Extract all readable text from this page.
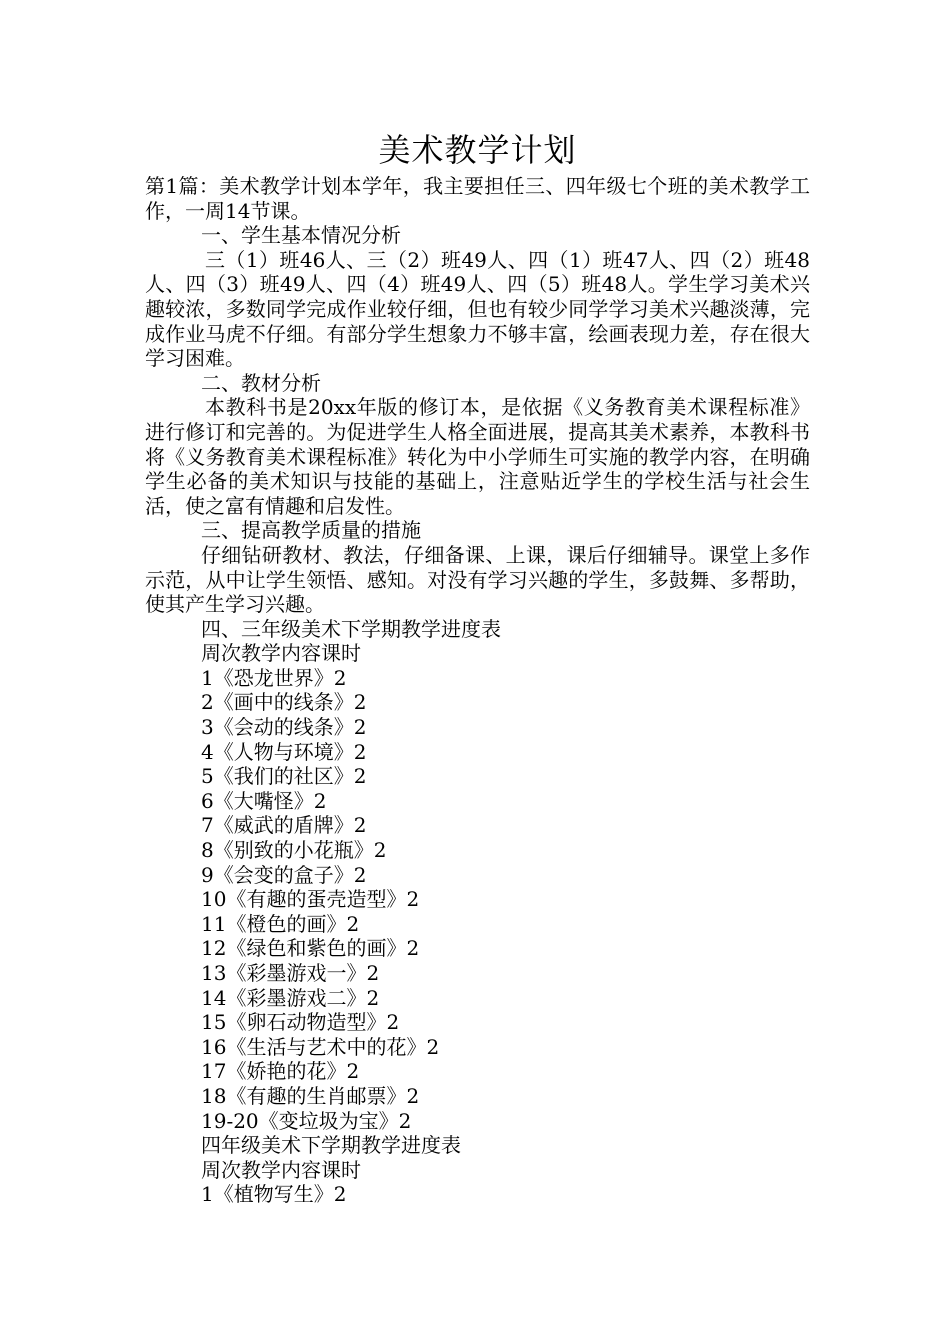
美术教学计划

第1篇：美术教学计划本学年，我主要担任三、四年级七个班的美术教学工作，一周14节课。

一、学生基本情况分析

三（1）班46人、三（2）班49人、四（1）班47人、四（2）班48人、四（3）班49人、四（4）班49人、四（5）班48人。学生学习美术兴趣较浓，多数同学完成作业较仔细，但也有较少同学学习美术兴趣淡薄，完成作业马虎不仔细。有部分学生想象力不够丰富，绘画表现力差，存在很大学习困难。

二、教材分析

本教科书是20xx年版的修订本，是依据《义务教育美术课程标准》进行修订和完善的。为促进学生人格全面进展，提高其美术素养，本教科书将《义务教育美术课程标准》转化为中小学师生可实施的教学内容，在明确学生必备的美术知识与技能的基础上，注意贴近学生的学校生活与社会生活，使之富有情趣和启发性。

三、提高教学质量的措施

仔细钻研教材、教法，仔细备课、上课，课后仔细辅导。课堂上多作示范，从中让学生领悟、感知。对没有学习兴趣的学生，多鼓舞、多帮助，使其产生学习兴趣。

四、三年级美术下学期教学进度表

周次教学内容课时

1《恐龙世界》2

2《画中的线条》2

3《会动的线条》2

4《人物与环境》2

5《我们的社区》2

6《大嘴怪》2

7《威武的盾牌》2

8《别致的小花瓶》2

9《会变的盒子》2

10《有趣的蛋壳造型》2

11《橙色的画》2

12《绿色和紫色的画》2

13《彩墨游戏一》2

14《彩墨游戏二》2

15《卵石动物造型》2

16《生活与艺术中的花》2

17《娇艳的花》2

18《有趣的生肖邮票》2

19-20《变垃圾为宝》2

四年级美术下学期教学进度表

周次教学内容课时

1《植物写生》2
